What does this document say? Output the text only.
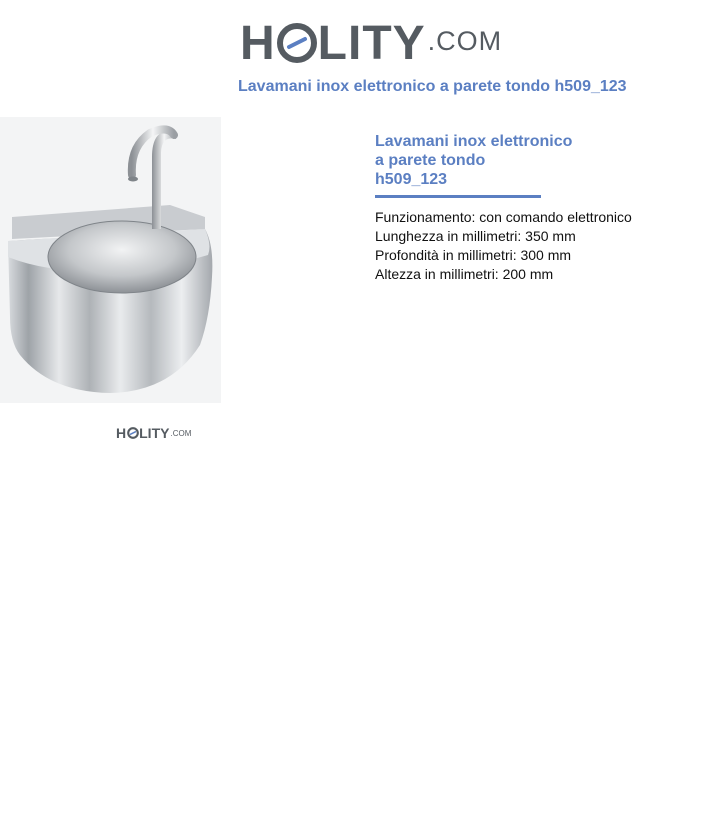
H LITY .COM
Lavamani inox elettronico a parete tondo h509_123
H LITY .COM
Lavamani inox elettronico
a parete tondo
h509_123

Funzionamento: con comando elettronico

Lunghezza in millimetri: 350 mm

Profondità in millimetri: 300 mm

Altezza in millimetri: 200 mm
